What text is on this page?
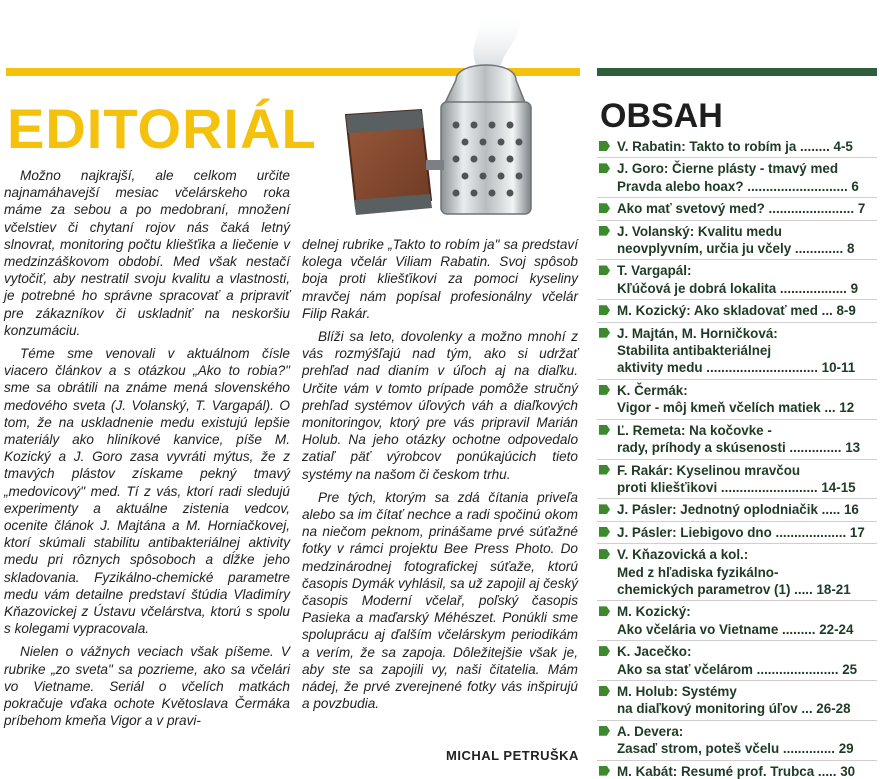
EDITORIÁL

Možno najkrajší, ale celkom určite najnamáhavejší mesiac včelárskeho roka máme za sebou a po medobraní, množení včelstiev či chytaní rojov nás čaká letný slnovrat, monitoring počtu kliešťika a liečenie v medzinzáškovom období. Med však nestačí vytočiť, aby nestratil svoju kvalitu a vlastnosti, je potrebné ho správne spracovať a pripraviť pre zákazníkov či uskladniť na neskoršiu konzumáciu.

Téme sme venovali v aktuálnom čísle viacero článkov a s otázkou „Ako to robia?" sme sa obrátili na známe mená slovenského medového sveta (J. Volanský, T. Vargapál). O tom, že na uskladnenie medu existujú lepšie materiály ako hliníkové kanvice, píše M. Kozický a J. Goro zasa vyvráti mýtus, že z tmavých plástov získame pekný tmavý „medovicový" med. Tí z vás, ktorí radi sledujú experimenty a aktuálne zistenia vedcov, ocenite článok J. Majtána a M. Horniačkovej, ktorí skúmali stabilitu antibakteriálnej aktivity medu pri rôznych spôsoboch a dĺžke jeho skladovania. Fyzikálno-chemické parametre medu vám detailne predstaví štúdia Vladimíry Kňazovickej z Ústavu včelárstva, ktorú s spolu s kolegami vypracovala.

Nielen o vážnych veciach však píšeme. V rubrike „zo sveta" sa pozrieme, ako sa včelári vo Vietname. Seriál o včelích matkách pokračuje vďaka ochote Květoslava Čermáka príbehom kmeňa Vigor a v pravi-

delnej rubrike „Takto to robím ja" sa predstaví kolega včelár Viliam Rabatin. Svoj spôsob boja proti kliešťikovi za pomoci kyseliny mravčej nám popísal profesionálny včelár Filip Rakár.

Blíži sa leto, dovolenky a možno mnohí z vás rozmýšľajú nad tým, ako si udržať prehľad nad dianím v úľoch aj na diaľku. Určite vám v tomto prípade pomôže stručný prehľad systémov úľových váh a diaľkových monitoringov, ktorý pre vás pripravil Marián Holub. Na jeho otázky ochotne odpovedalo zatiaľ päť výrobcov ponúkajúcich tieto systémy na našom či českom trhu.

Pre tých, ktorým sa zdá čítania priveľa alebo sa im čítať nechce a radi spočinú okom na niečom peknom, prinášame prvé súťažné fotky v rámci projektu Bee Press Photo. Do medzinárodnej fotografickej súťaže, ktorú časopis Dymák vyhlásil, sa už zapojil aj český časopis Moderní včelař, poľský časopis Pasieka a maďarský Méhészet. Ponúkli sme spoluprácu aj ďalším včelárskym periodikám a verím, že sa zapoja. Dôležitejšie však je, aby ste sa zapojili vy, naši čitatelia. Mám nádej, že prvé zverejnené fotky vás inšpirujú a povzbudia.

MICHAL PETRUŠKA
OBSAH
V. Rabatin: Takto to robím ja ........ 4-5
J. Goro: Čierne plásty - tmavý med
Pravda alebo hoax? ........................... 6
Ako mať svetový med? ....................... 7
J. Volanský: Kvalitu medu
neovplyvním, určia ju včely ............. 8
T. Vargapál:
Kľúčová je dobrá lokalita .................. 9
M. Kozický: Ako skladovať med ... 8-9
J. Majtán, M. Horničková:
Stabilita antibakteriálnej
aktivity medu .............................. 10-11
K. Čermák:
Vigor - môj kmeň včelích matiek ... 12
Ľ. Remeta: Na kočovke -
rady, príhody a skúsenosti .............. 13
F. Rakár: Kyselinou mravčou
proti kliešťikovi .......................... 14-15
J. Pásler: Jednotný oplodniačik ..... 16
J. Pásler: Liebigovo dno ................... 17
V. Kňazovická a kol.:
Med z hľadiska fyzikálno-
chemických parametrov (1) ..... 18-21
M. Kozický:
Ako včelária vo Vietname ......... 22-24
K. Jacečko:
Ako sa stať včelárom ...................... 25
M. Holub: Systémy
na diaľkový monitoring úľov ... 26-28
A. Devera:
Zasaď strom, poteš včelu .............. 29
M. Kabát: Resumé prof. Trubca ..... 30
